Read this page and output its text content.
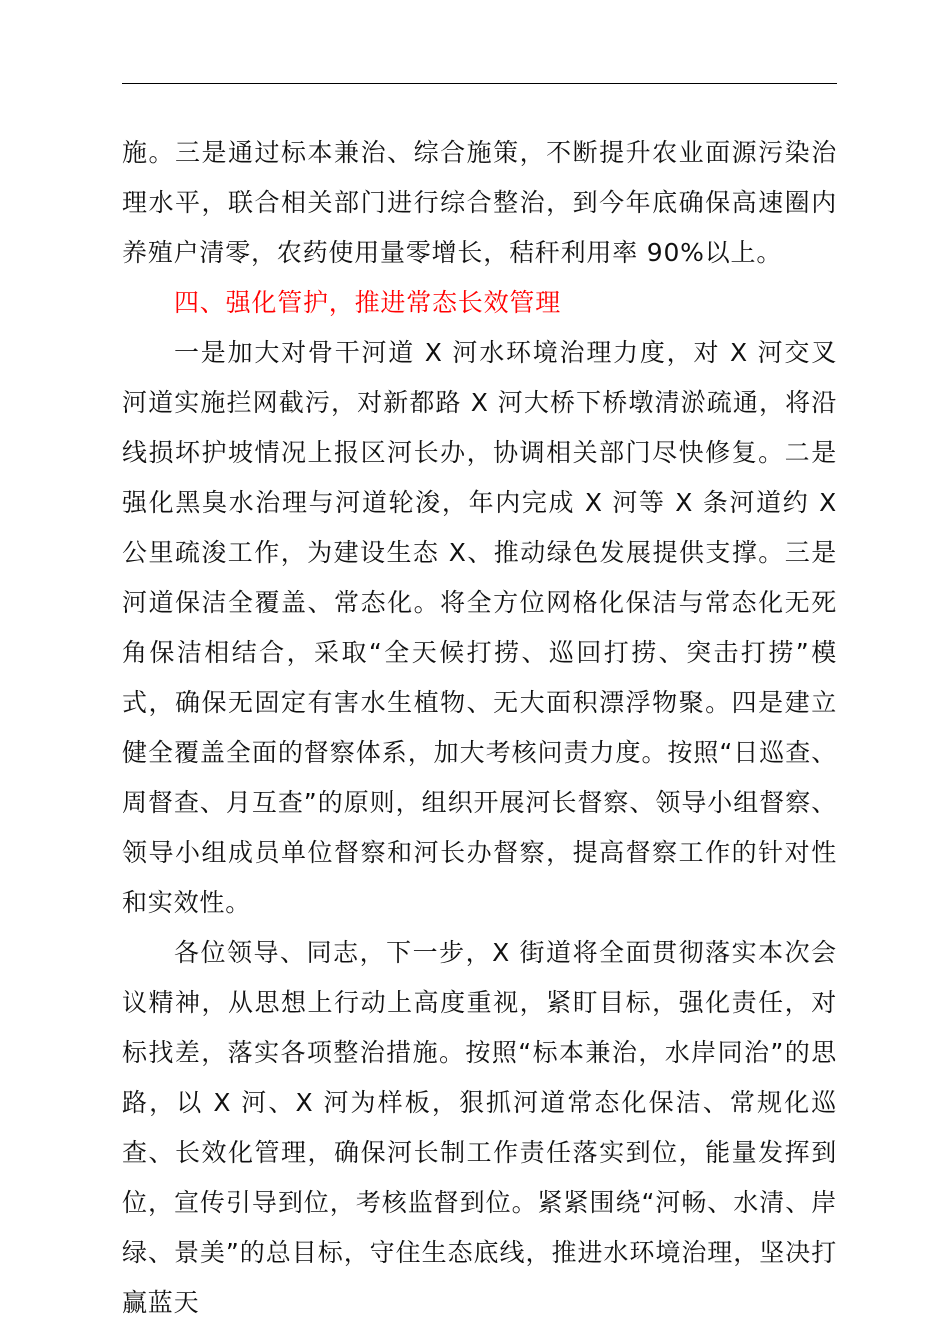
施。三是通过标本兼治、综合施策，不断提升农业面源污染治理水平，联合相关部门进行综合整治，到今年底确保高速圈内养殖户清零，农药使用量零增长，秸秆利用率 90%以上。

四、强化管护，推进常态长效管理

一是加大对骨干河道 X 河水环境治理力度，对 X 河交叉河道实施拦网截污，对新都路 X 河大桥下桥墩清淤疏通，将沿线损坏护坡情况上报区河长办，协调相关部门尽快修复。二是强化黑臭水治理与河道轮浚，年内完成 X 河等 X 条河道约 X 公里疏浚工作，为建设生态 X、推动绿色发展提供支撑。三是河道保洁全覆盖、常态化。将全方位网格化保洁与常态化无死角保洁相结合，采取“全天候打捞、巡回打捞、突击打捞”模式，确保无固定有害水生植物、无大面积漂浮物聚。四是建立健全覆盖全面的督察体系，加大考核问责力度。按照“日巡查、周督查、月互查”的原则，组织开展河长督察、领导小组督察、领导小组成员单位督察和河长办督察，提高督察工作的针对性和实效性。

各位领导、同志，下一步，X 街道将全面贯彻落实本次会议精神，从思想上行动上高度重视，紧盯目标，强化责任，对标找差，落实各项整治措施。按照“标本兼治，水岸同治”的思路，以 X 河、X 河为样板，狠抓河道常态化保洁、常规化巡查、长效化管理，确保河长制工作责任落实到位，能量发挥到位，宣传引导到位，考核监督到位。紧紧围绕“河畅、水清、岸绿、景美”的总目标，守住生态底线，推进水环境治理，坚决打赢蓝天
